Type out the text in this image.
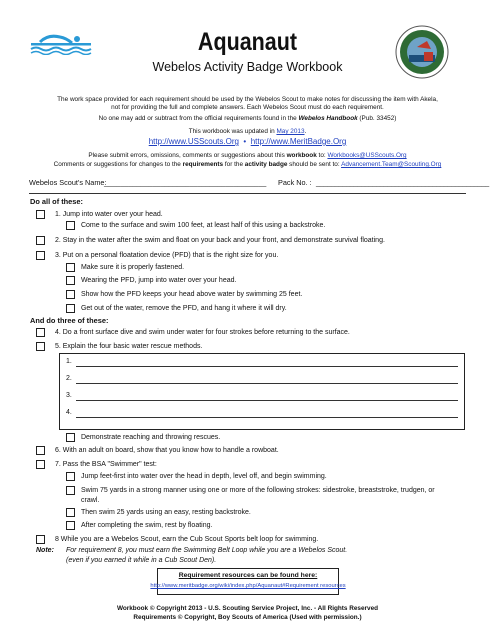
Aquanaut
Webelos Activity Badge Workbook
The work space provided for each requirement should be used by the Webelos Scout to make notes for discussing the item with Akela,
not for providing the full and complete answers. Each Webelos Scout must do each requirement.
No one may add or subtract from the official requirements found in the Webelos Handbook (Pub. 33452)
This workbook was updated in May 2013.
http://www.USScouts.Org • http://www.MeritBadge.Org
Please submit errors, omissions, comments or suggestions about this workbook to: Workbooks@USScouts.Org
Comments or suggestions for changes to the requirements for the activity badge should be sent to: Advancement.Team@Scouting.Org
Webelos Scout's Name:
________________________________________ Pack No. : ______________________________________________
Do all of these:
1. Jump into water over your head.
Come to the surface and swim 100 feet, at least half of this using a backstroke.
2. Stay in the water after the swim and float on your back and your front, and demonstrate survival floating.
3. Put on a personal floatation device (PFD) that is the right size for you.
Make sure it is properly fastened.
Wearing the PFD, jump into water over your head.
Show how the PFD keeps your head above water by swimming 25 feet.
Get out of the water, remove the PFD, and hang it where it will dry.
And do three of these:
4. Do a front surface dive and swim under water for four strokes before returning to the surface.
5. Explain the four basic water rescue methods.
1.
2.
3.
4.
Demonstrate reaching and throwing rescues.
6. With an adult on board, show that you know how to handle a rowboat.
7. Pass the BSA "Swimmer" test:
Jump feet-first into water over the head in depth, level off, and begin swimming.
Swim 75 yards in a strong manner using one or more of the following strokes: sidestroke, breaststroke, trudgen, or
crawl.
Then swim 25 yards using an easy, resting backstroke.
After completing the swim, rest by floating.
8 While you are a Webelos Scout, earn the Cub Scout Sports belt loop for swimming.
Note: For requirement 8, you must earn the Swimming Belt Loop while you are a Webelos Scout.
(even if you earned it while in a Cub Scout Den).
Requirement resources can be found here:
http://www.meritbadge.org/wiki/index.php/Aquanaut#Requirement resources
Workbook © Copyright 2013 - U.S. Scouting Service Project, Inc. - All Rights Reserved
Requirements © Copyright, Boy Scouts of America (Used with permission.)
